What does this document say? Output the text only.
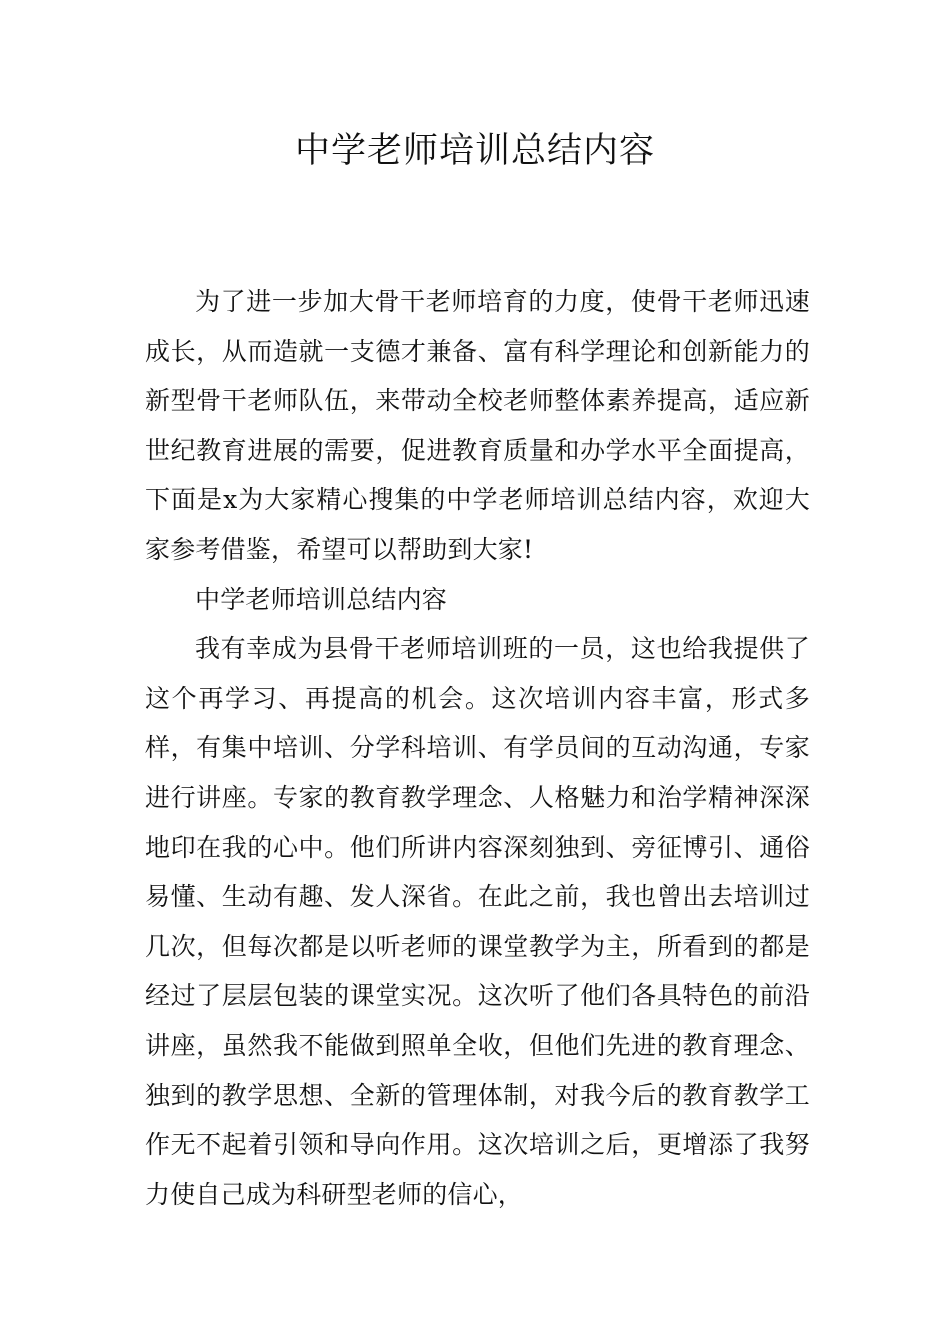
中学老师培训总结内容

为了进一步加大骨干老师培育的力度，使骨干老师迅速成长，从而造就一支德才兼备、富有科学理论和创新能力的新型骨干老师队伍，来带动全校老师整体素养提高，适应新世纪教育进展的需要，促进教育质量和办学水平全面提高，下面是x为大家精心搜集的中学老师培训总结内容，欢迎大家参考借鉴，希望可以帮助到大家!

中学老师培训总结内容

我有幸成为县骨干老师培训班的一员，这也给我提供了这个再学习、再提高的机会。这次培训内容丰富，形式多样，有集中培训、分学科培训、有学员间的互动沟通，专家进行讲座。专家的教育教学理念、人格魅力和治学精神深深地印在我的心中。他们所讲内容深刻独到、旁征博引、通俗易懂、生动有趣、发人深省。在此之前，我也曾出去培训过几次，但每次都是以听老师的课堂教学为主，所看到的都是经过了层层包装的课堂实况。这次听了他们各具特色的前沿讲座，虽然我不能做到照单全收，但他们先进的教育理念、独到的教学思想、全新的管理体制，对我今后的教育教学工作无不起着引领和导向作用。这次培训之后，更增添了我努力使自己成为科研型老师的信心，
